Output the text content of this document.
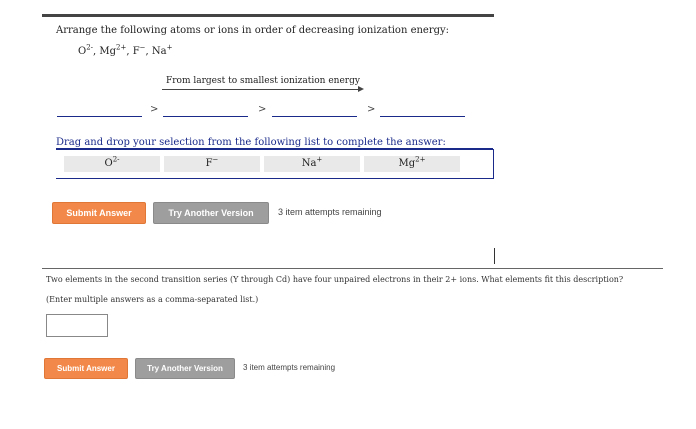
Arrange the following atoms or ions in order of decreasing ionization energy:
$O^{2-}$, $Mg^{2+}$, F−, Na+
From largest to smallest ionization energy
>	>	>
Drag and drop your selection from the following list to complete the answer:
$O^{2-}$	F−	Na+	$Mg^{2+}$
Submit Answer	Try Another Version	3 item attempts remaining
Two elements in the second transition series (Y through Cd) have four unpaired electrons in their 2+ ions. What elements fit this description?
(Enter multiple answers as a comma-separated list.)
Submit Answer	Try Another Version	3 item attempts remaining
